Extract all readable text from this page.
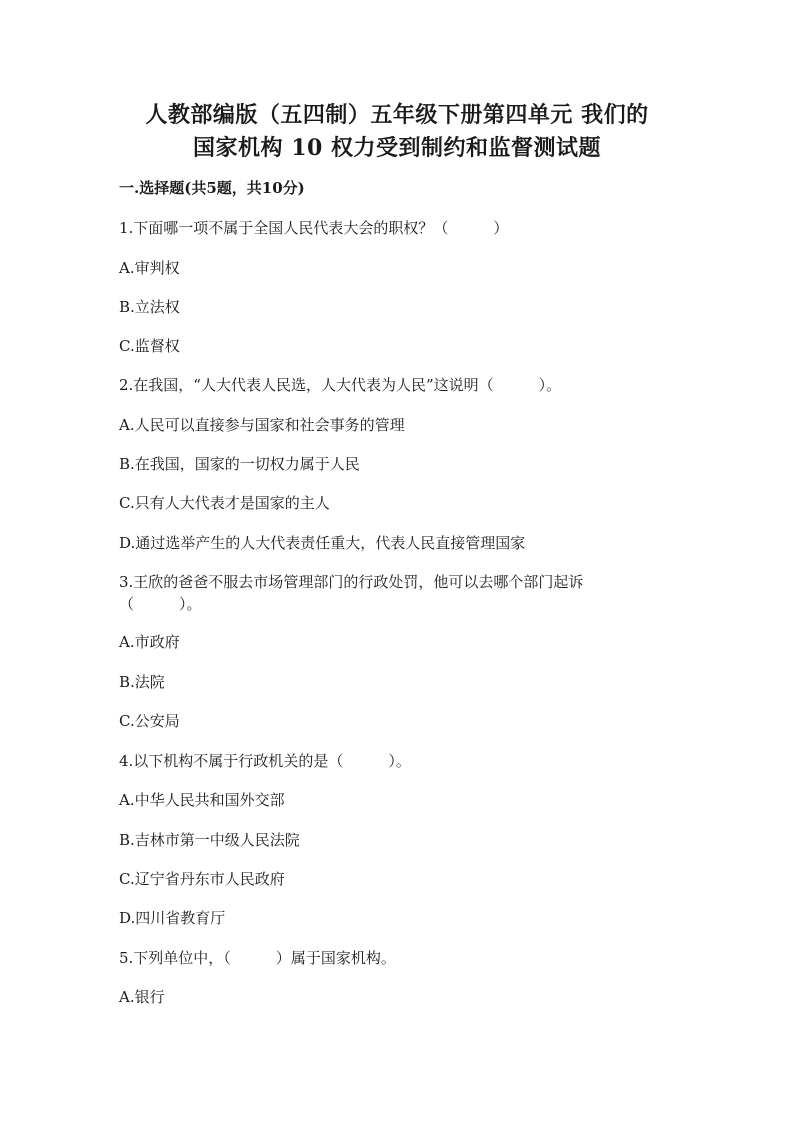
人教部编版（五四制）五年级下册第四单元 我们的
国家机构 10 权力受到制约和监督测试题
一.选择题(共5题，共10分)
1.下面哪一项不属于全国人民代表大会的职权？（　　　）
A.审判权
B.立法权
C.监督权
2.在我国，“人大代表人民选，人大代表为人民”这说明（　　　）。
A.人民可以直接参与国家和社会事务的管理
B.在我国，国家的一切权力属于人民
C.只有人大代表才是国家的主人
D.通过选举产生的人大代表责任重大，代表人民直接管理国家
3.王欣的爸爸不服去市场管理部门的行政处罚，他可以去哪个部门起诉
（　　　）。
A.市政府
B.法院
C.公安局
4.以下机构不属于行政机关的是（　　　）。
A.中华人民共和国外交部
B.吉林市第一中级人民法院
C.辽宁省丹东市人民政府
D.四川省教育厅
5.下列单位中，（　　　）属于国家机构。
A.银行
